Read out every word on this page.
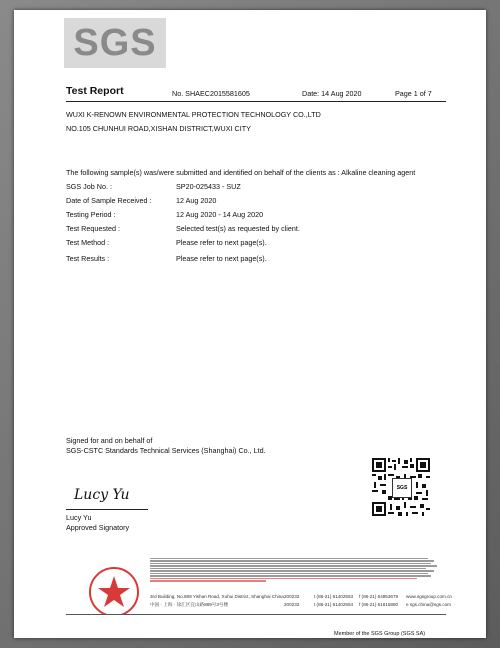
SGS
Test Report	No. SHAEC2015581605	Date: 14 Aug 2020	Page 1 of 7
WUXI K-RENOWN ENVIRONMENTAL PROTECTION TECHNOLOGY CO.,LTD
NO.105 CHUNHUI ROAD,XISHAN DISTRICT,WUXI CITY
The following sample(s) was/were submitted and identified on behalf of the clients as : Alkaline cleaning agent
SGS Job No. :	SP20-025433 - SUZ
Date of Sample Received :	12 Aug 2020
Testing Period :	12 Aug 2020 - 14 Aug 2020
Test Requested :	Selected test(s) as requested by client.
Test Method :	Please refer to next page(s).
Test Results :	Please refer to next page(s).
Signed for and on behalf of
SGS-CSTC Standards Technical Services (Shanghai) Co., Ltd.
SGS
Lucy Yu
Lucy Yu
Approved Signatory
3rd Building, No.889 Yishan Road, Xuhui District, Shanghai China 200233	t (86-21) 61402553 f (86-21) 64953679 www.sgsgroup.com.cn
中国 · 上海 · 徐汇区宜山路889号3号楼	200233	t (86-21) 61402554 f (86-21) 61615880 e sgs.china@sgs.com
Member of the SGS Group (SGS SA)
